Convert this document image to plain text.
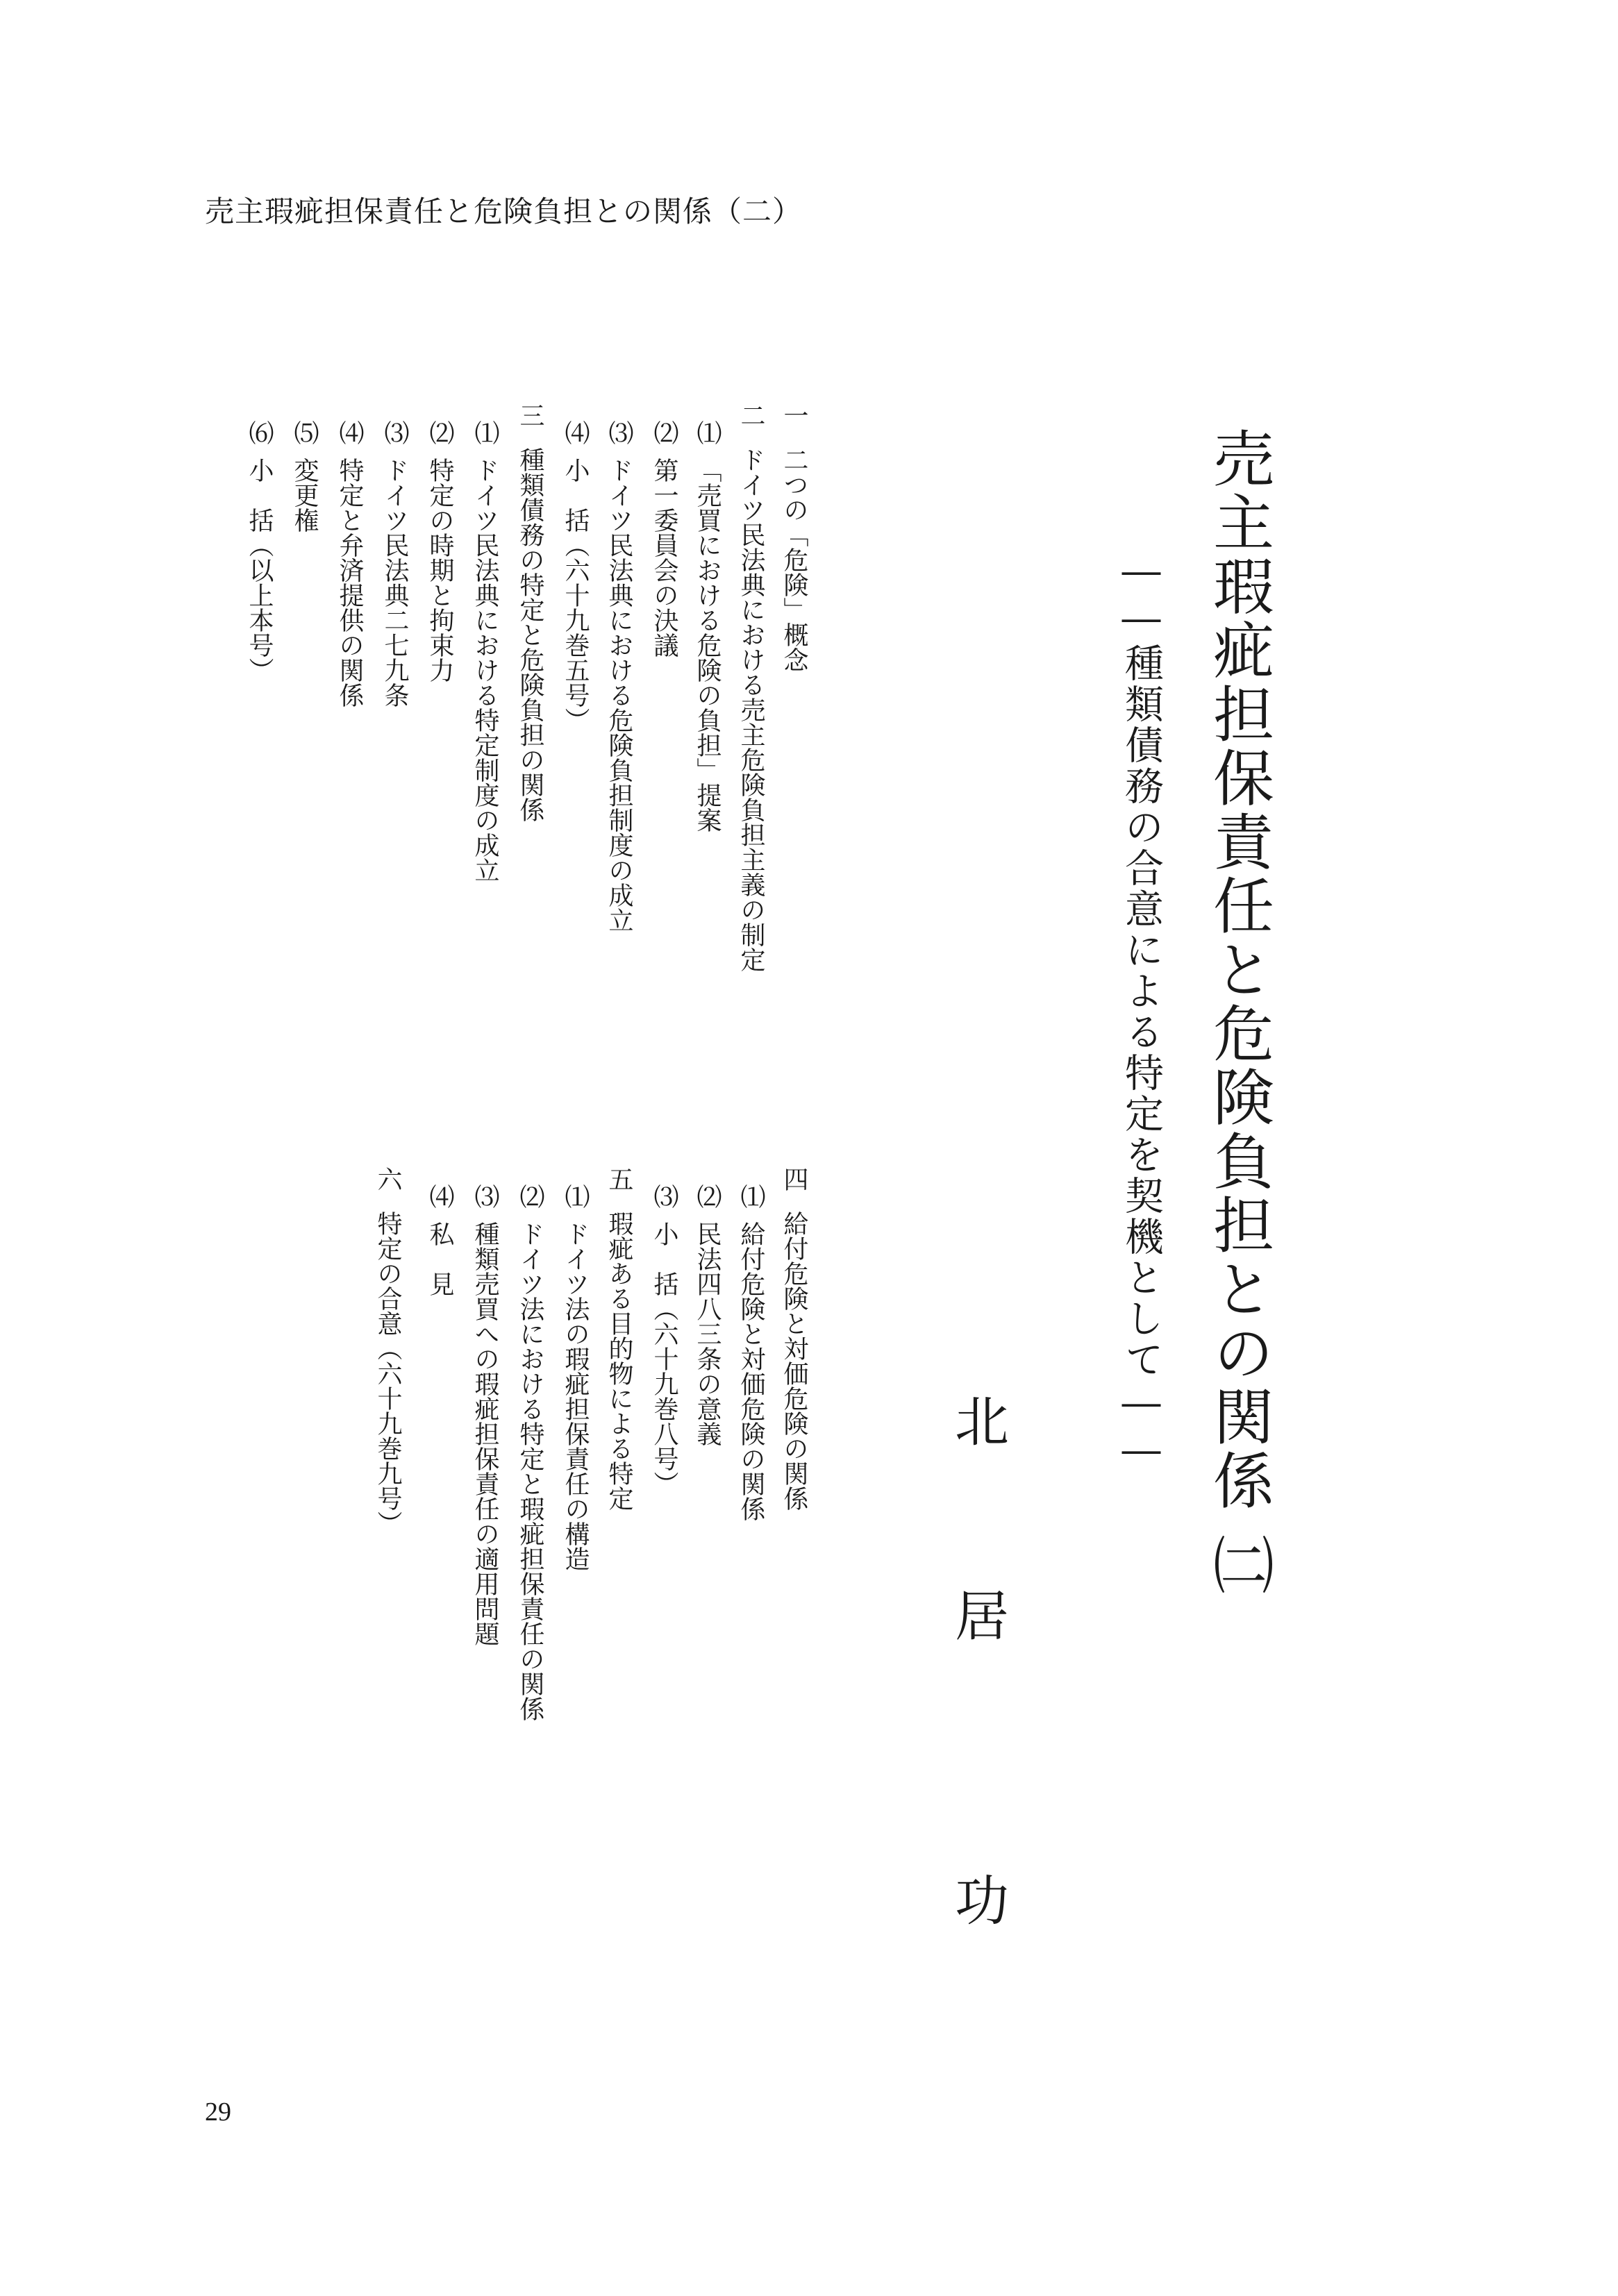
売主瑕疵担保責任と危険負担との関係（二）
売主瑕疵担保責任と危険負担との関係㈡
――種類債務の合意による特定を契機として――
北
居
功
一二つの「危険」概念
二ドイツ民法典における売主危険負担主義の制定
⑴「売買における危険の負担」提案
⑵第一委員会の決議
⑶ドイツ民法典における危険負担制度の成立
⑷小　括（六十九巻五号）
三種類債務の特定と危険負担の関係
⑴ドイツ民法典における特定制度の成立
⑵特定の時期と拘束力
⑶ドイツ民法典二七九条
⑷特定と弁済提供の関係
⑸変更権
⑹小　括（以上本号）
四給付危険と対価危険の関係
⑴給付危険と対価危険の関係
⑵民法四八三条の意義
⑶小　括（六十九巻八号）
五瑕疵ある目的物による特定
⑴ドイツ法の瑕疵担保責任の構造
⑵ドイツ法における特定と瑕疵担保責任の関係
⑶種類売買への瑕疵担保責任の適用問題
⑷私　見
六特定の合意（六十九巻九号）
29
